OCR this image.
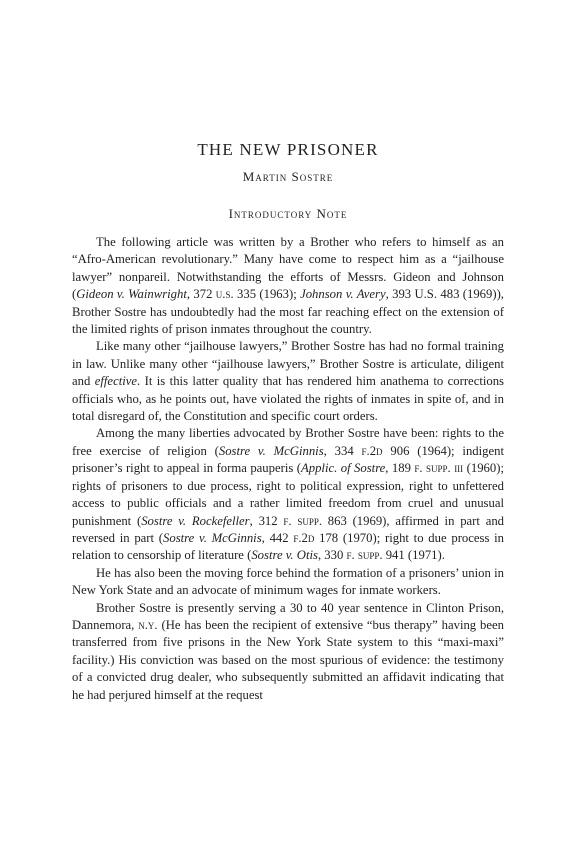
THE NEW PRISONER
Martin Sostre
Introductory Note

The following article was written by a Brother who refers to himself as an “Afro-American revolutionary.” Many have come to respect him as a “jailhouse lawyer” nonpareil. Notwithstanding the efforts of Messrs. Gideon and Johnson (Gideon v. Wainwright, 372 u.s. 335 (1963); Johnson v. Avery, 393 U.S. 483 (1969)), Brother Sostre has undoubtedly had the most far reaching effect on the extension of the limited rights of prison inmates throughout the country.

Like many other “jailhouse lawyers,” Brother Sostre has had no formal training in law. Unlike many other “jailhouse lawyers,” Brother Sostre is articulate, diligent and effective. It is this latter quality that has rendered him anathema to corrections officials who, as he points out, have violated the rights of inmates in spite of, and in total disregard of, the Constitution and specific court orders.

Among the many liberties advocated by Brother Sostre have been: rights to the free exercise of religion (Sostre v. McGinnis, 334 f.2d 906 (1964); indigent prisoner’s right to appeal in forma pauperis (Applic. of Sostre, 189 f. supp. iii (1960); rights of prisoners to due process, right to political expression, right to unfettered access to public officials and a rather limited freedom from cruel and unusual punishment (Sostre v. Rockefeller, 312 f. supp. 863 (1969), affirmed in part and reversed in part (Sostre v. McGinnis, 442 f.2d 178 (1970); right to due process in relation to censorship of literature (Sostre v. Otis, 330 f. supp. 941 (1971).

He has also been the moving force behind the formation of a prisoners’ union in New York State and an advocate of minimum wages for inmate workers.

Brother Sostre is presently serving a 30 to 40 year sentence in Clinton Prison, Dannemora, n.y. (He has been the recipient of extensive “bus therapy” having been transferred from five prisons in the New York State system to this “maxi-maxi” facility.) His conviction was based on the most spurious of evidence: the testimony of a convicted drug dealer, who subsequently submitted an affidavit indicating that he had perjured himself at the request
